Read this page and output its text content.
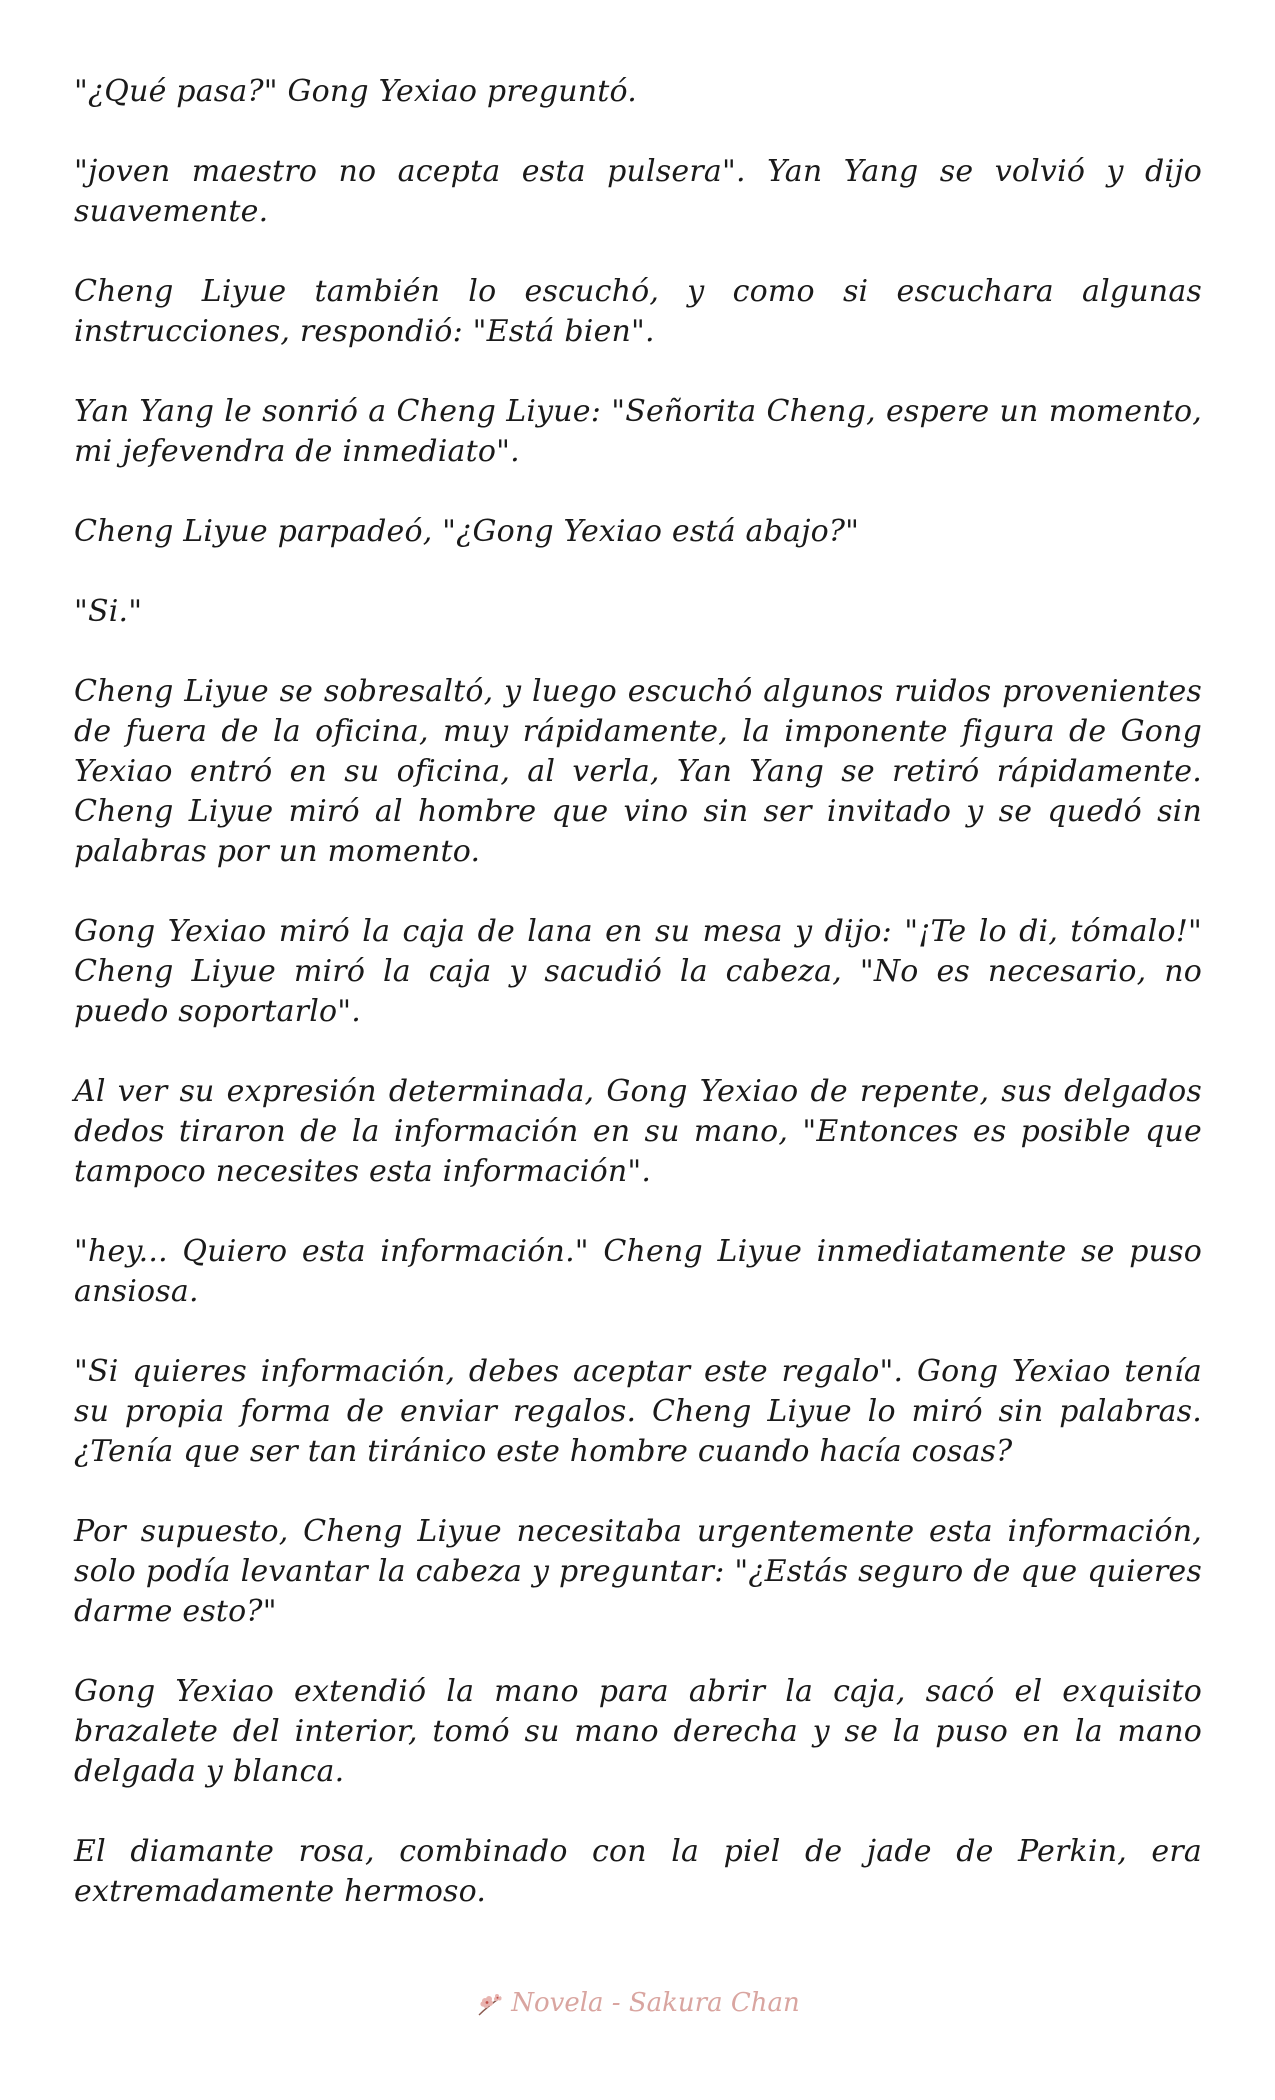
"¿Qué pasa?" Gong Yexiao preguntó.

"joven maestro no acepta esta pulsera". Yan Yang se volvió y dijo suavemente.

Cheng Liyue también lo escuchó, y como si escuchara algunas instrucciones, respondió: "Está bien".

Yan Yang le sonrió a Cheng Liyue: "Señorita Cheng, espere un momento, mi jefevendra de inmediato".

Cheng Liyue parpadeó, "¿Gong Yexiao está abajo?"

"Si."

Cheng Liyue se sobresaltó, y luego escuchó algunos ruidos provenientes de fuera de la oficina, muy rápidamente, la imponente figura de Gong Yexiao entró en su oficina, al verla, Yan Yang se retiró rápidamente. Cheng Liyue miró al hombre que vino sin ser invitado y se quedó sin palabras por un momento.

Gong Yexiao miró la caja de lana en su mesa y dijo: "¡Te lo di, tómalo!" Cheng Liyue miró la caja y sacudió la cabeza, "No es necesario, no puedo soportarlo".

Al ver su expresión determinada, Gong Yexiao de repente, sus delgados dedos tiraron de la información en su mano, "Entonces es posible que tampoco necesites esta información".

"hey... Quiero esta información." Cheng Liyue inmediatamente se puso ansiosa.

"Si quieres información, debes aceptar este regalo". Gong Yexiao tenía su propia forma de enviar regalos. Cheng Liyue lo miró sin palabras. ¿Tenía que ser tan tiránico este hombre cuando hacía cosas?

Por supuesto, Cheng Liyue necesitaba urgentemente esta información, solo podía levantar la cabeza y preguntar: "¿Estás seguro de que quieres darme esto?"

Gong Yexiao extendió la mano para abrir la caja, sacó el exquisito brazalete del interior, tomó su mano derecha y se la puso en la mano delgada y blanca.

El diamante rosa, combinado con la piel de jade de Perkin, era extremadamente hermoso.

Novela - Sakura Chan
